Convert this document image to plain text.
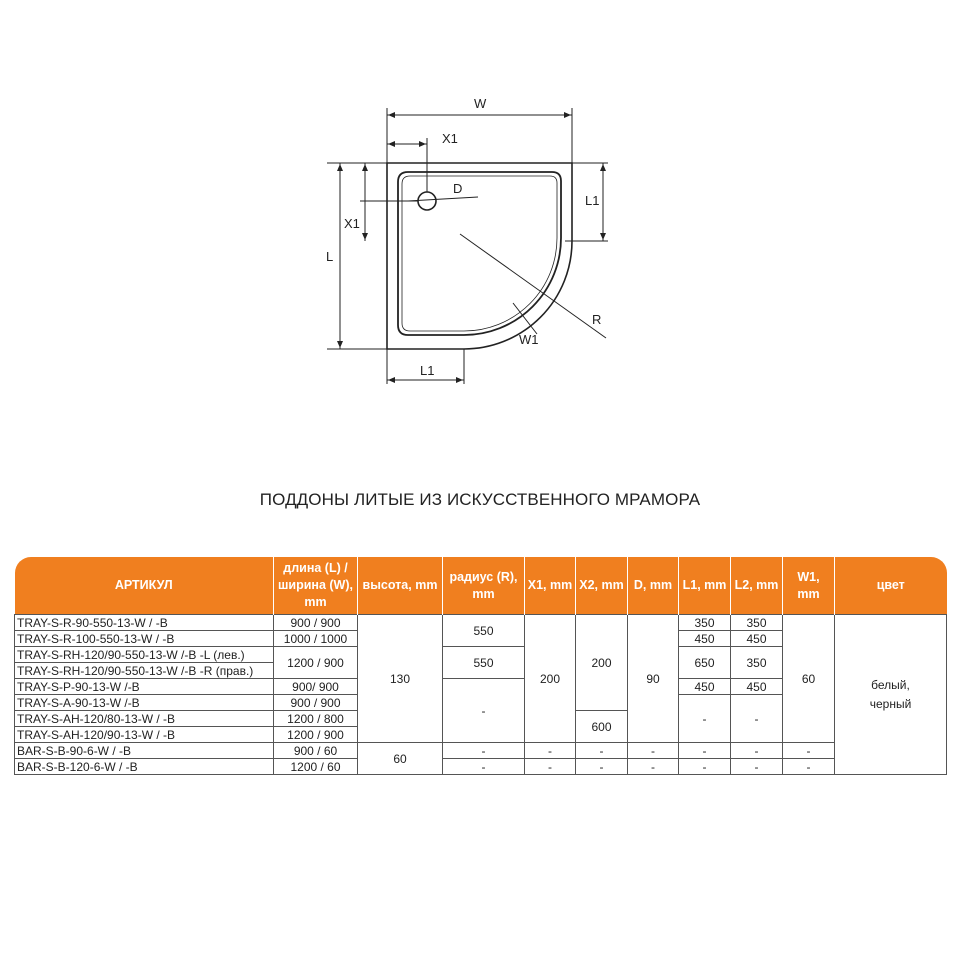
W
X1
D
L1
X1
L
R
W1
L1
ПОДДОНЫ ЛИТЫЕ ИЗ ИСКУССТВЕННОГО МРАМОРА
АРТИКУЛ	длина (L) / ширина (W), mm	высота, mm	радиус (R), mm	X1, mm	X2, mm	D, mm	L1, mm	L2, mm	W1, mm	цвет
TRAY-S-R-90-550-13-W / -B	900 / 900	130	550	200	200	90	350	350	60	белый, черный
TRAY-S-R-100-550-13-W / -B	1000 / 1000						450	450		
TRAY-S-RH-120/90-550-13-W /-B -L (лев.)	1200 / 900		550				650	350		
TRAY-S-RH-120/90-550-13-W /-B -R (прав.)										
TRAY-S-P-90-13-W /-B	900/ 900		-				450	450		
TRAY-S-A-90-13-W /-B	900 / 900						-	-		
TRAY-S-AH-120/80-13-W / -B	1200 / 800				600					
TRAY-S-AH-120/90-13-W / -B	1200 / 900									
BAR-S-B-90-6-W / -B	900 / 60	60	-	-	-	-	-	-	-	
BAR-S-B-120-6-W / -B	1200 / 60		-	-	-	-	-	-	-	
